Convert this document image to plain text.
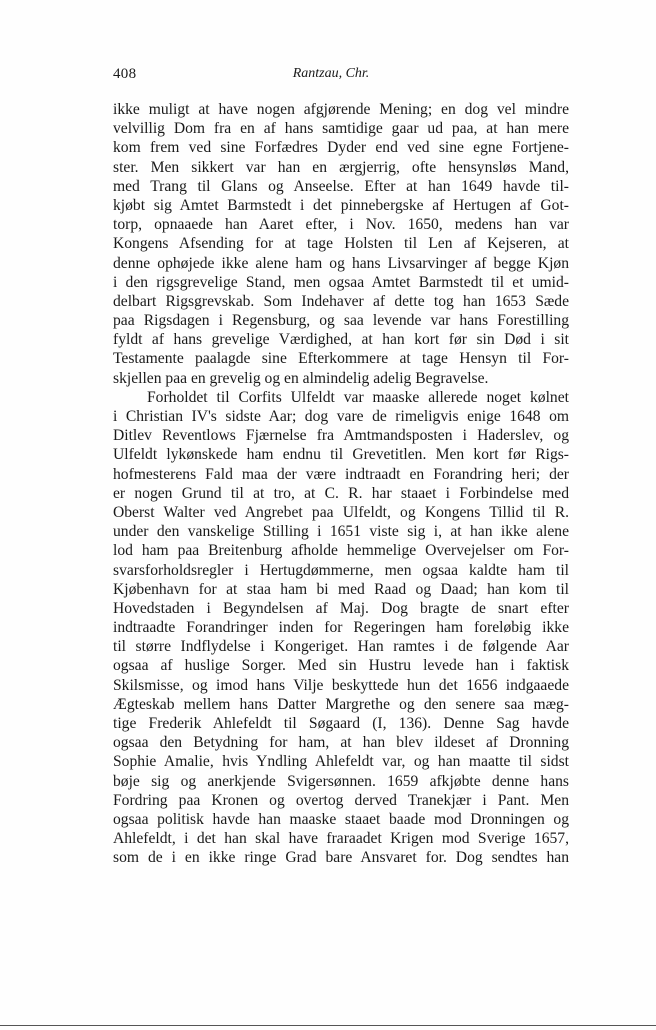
408	Rantzau, Chr.
ikke muligt at have nogen afgjørende Mening; en dog vel mindre
velvillig Dom fra en af hans samtidige gaar ud paa, at han mere
kom frem ved sine Forfædres Dyder end ved sine egne Fortjene-
ster. Men sikkert var han en ærgjerrig, ofte hensynsløs Mand,
med Trang til Glans og Anseelse. Efter at han 1649 havde til-
kjøbt sig Amtet Barmstedt i det pinnebergske af Hertugen af Got-
torp, opnaaede han Aaret efter, i Nov. 1650, medens han var
Kongens Afsending for at tage Holsten til Len af Kejseren, at
denne ophøjede ikke alene ham og hans Livsarvinger af begge Kjøn
i den rigsgrevelige Stand, men ogsaa Amtet Barmstedt til et umid-
delbart Rigsgrevskab. Som Indehaver af dette tog han 1653 Sæde
paa Rigsdagen i Regensburg, og saa levende var hans Forestilling
fyldt af hans grevelige Værdighed, at han kort før sin Død i sit
Testamente paalagde sine Efterkommere at tage Hensyn til For-
skjellen paa en grevelig og en almindelig adelig Begravelse.
Forholdet til Corfits Ulfeldt var maaske allerede noget kølnet
i Christian IV's sidste Aar; dog vare de rimeligvis enige 1648 om
Ditlev Reventlows Fjærnelse fra Amtmandsposten i Haderslev, og
Ulfeldt lykønskede ham endnu til Grevetitlen. Men kort før Rigs-
hofmesterens Fald maa der være indtraadt en Forandring heri; der
er nogen Grund til at tro, at C. R. har staaet i Forbindelse med
Oberst Walter ved Angrebet paa Ulfeldt, og Kongens Tillid til R.
under den vanskelige Stilling i 1651 viste sig i, at han ikke alene
lod ham paa Breitenburg afholde hemmelige Overvejelser om For-
svarsforholdsregler i Hertugdømmerne, men ogsaa kaldte ham til
Kjøbenhavn for at staa ham bi med Raad og Daad; han kom til
Hovedstaden i Begyndelsen af Maj. Dog bragte de snart efter
indtraadte Forandringer inden for Regeringen ham foreløbig ikke
til større Indflydelse i Kongeriget. Han ramtes i de følgende Aar
ogsaa af huslige Sorger. Med sin Hustru levede han i faktisk
Skilsmisse, og imod hans Vilje beskyttede hun det 1656 indgaaede
Ægteskab mellem hans Datter Margrethe og den senere saa mæg-
tige Frederik Ahlefeldt til Søgaard (I, 136). Denne Sag havde
ogsaa den Betydning for ham, at han blev ildeset af Dronning
Sophie Amalie, hvis Yndling Ahlefeldt var, og han maatte til sidst
bøje sig og anerkjende Svigersønnen. 1659 afkjøbte denne hans
Fordring paa Kronen og overtog derved Tranekjær i Pant. Men
ogsaa politisk havde han maaske staaet baade mod Dronningen og
Ahlefeldt, i det han skal have fraraadet Krigen mod Sverige 1657,
som de i en ikke ringe Grad bare Ansvaret for. Dog sendtes han
